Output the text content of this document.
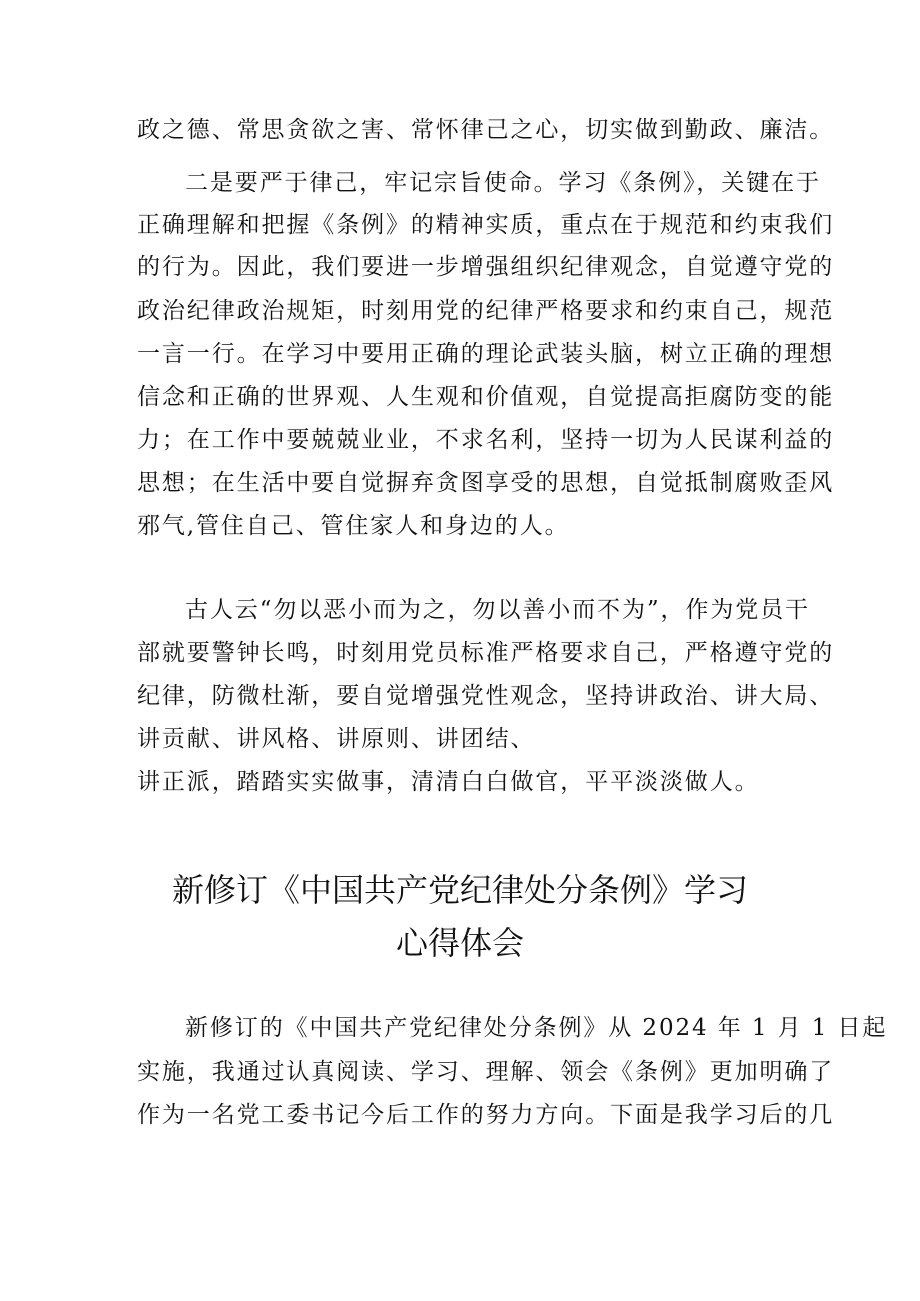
政之德、常思贪欲之害、常怀律己之心，切实做到勤政、廉洁。
二是要严于律己，牢记宗旨使命。学习《条例》，关键在于
正确理解和把握《条例》的精神实质，重点在于规范和约束我们
的行为。因此，我们要进一步增强组织纪律观念，自觉遵守党的
政治纪律政治规矩，时刻用党的纪律严格要求和约束自己，规范
一言一行。在学习中要用正确的理论武装头脑，树立正确的理想
信念和正确的世界观、人生观和价值观，自觉提高拒腐防变的能
力；在工作中要兢兢业业，不求名利，坚持一切为人民谋利益的
思想；在生活中要自觉摒弃贪图享受的思想，自觉抵制腐败歪风
邪气,管住自己、管住家人和身边的人。
古人云“勿以恶小而为之，勿以善小而不为”，作为党员干
部就要警钟长鸣，时刻用党员标准严格要求自己，严格遵守党的
纪律，防微杜渐，要自觉增强党性观念，坚持讲政治、讲大局、
讲贡献、讲风格、讲原则、讲团结、
讲正派，踏踏实实做事，清清白白做官，平平淡淡做人。
新修订《中国共产党纪律处分条例》学习
心得体会
新修订的《中国共产党纪律处分条例》从 2024 年 1 月 1 日起
实施，我通过认真阅读、学习、理解、领会《条例》更加明确了
作为一名党工委书记今后工作的努力方向。下面是我学习后的几
